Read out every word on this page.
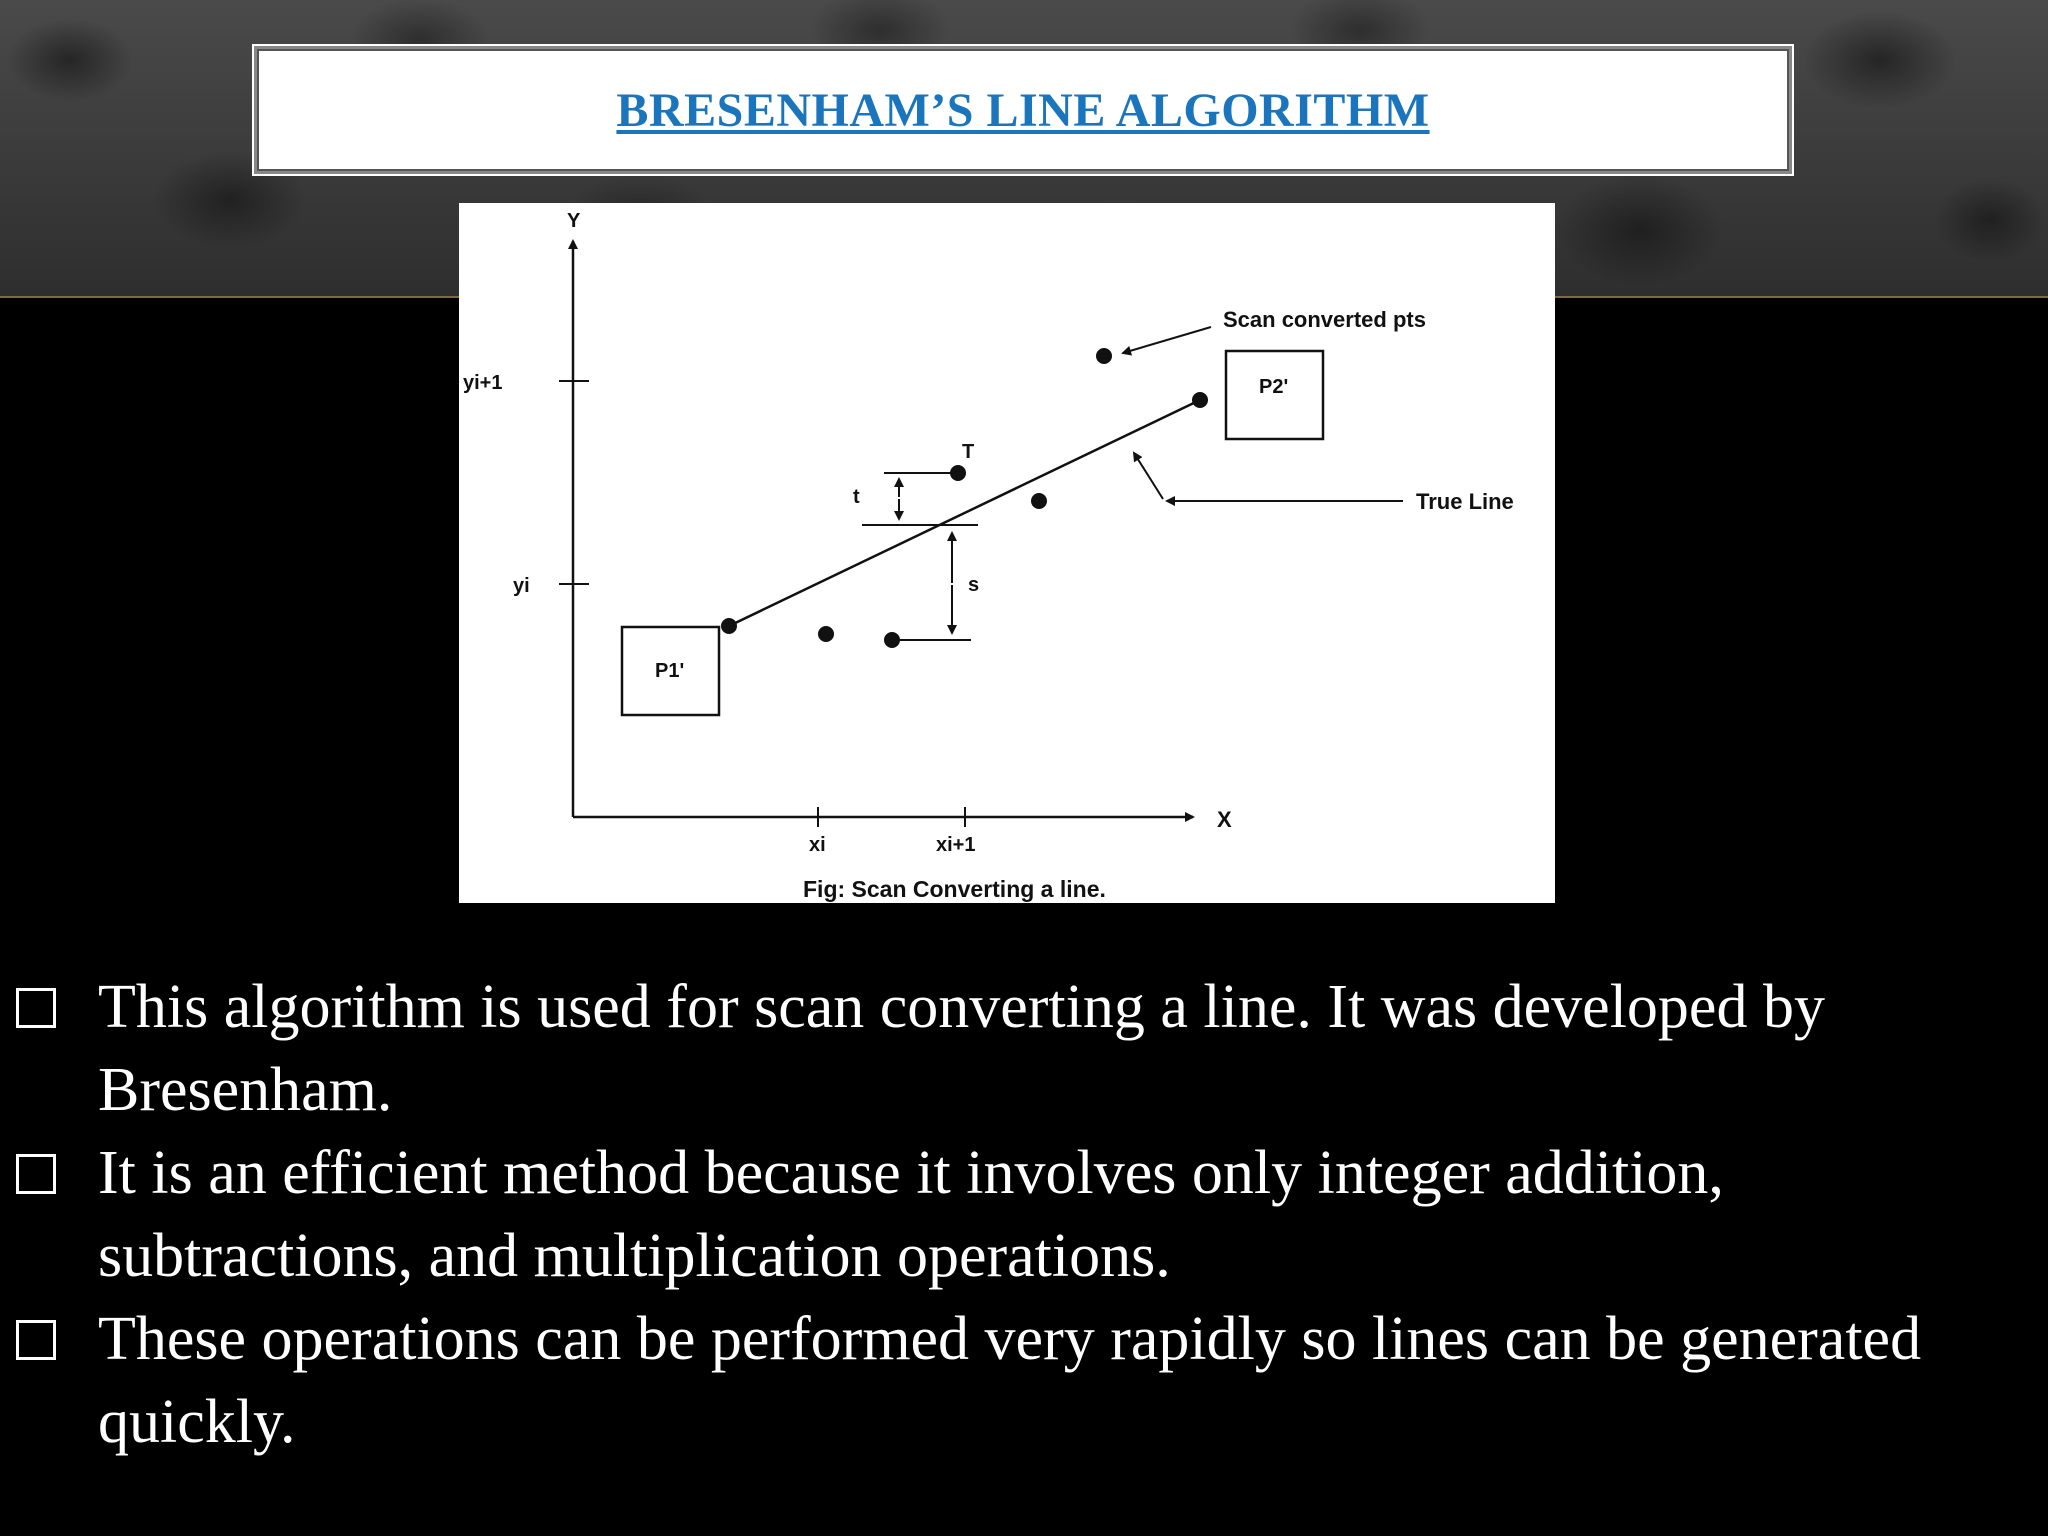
BRESENHAM’S LINE ALGORITHM
Y
X
yi+1
yi
xi	xi+1
P1'
P2'
T
t
s
Scan converted pts
True Line
Fig: Scan Converting a line.
This algorithm is used for scan converting a line. It was developed by Bresenham.
It is an efficient method because it involves only integer addition, subtractions, and multiplication operations.
These operations can be performed very rapidly so lines can be generated quickly.
